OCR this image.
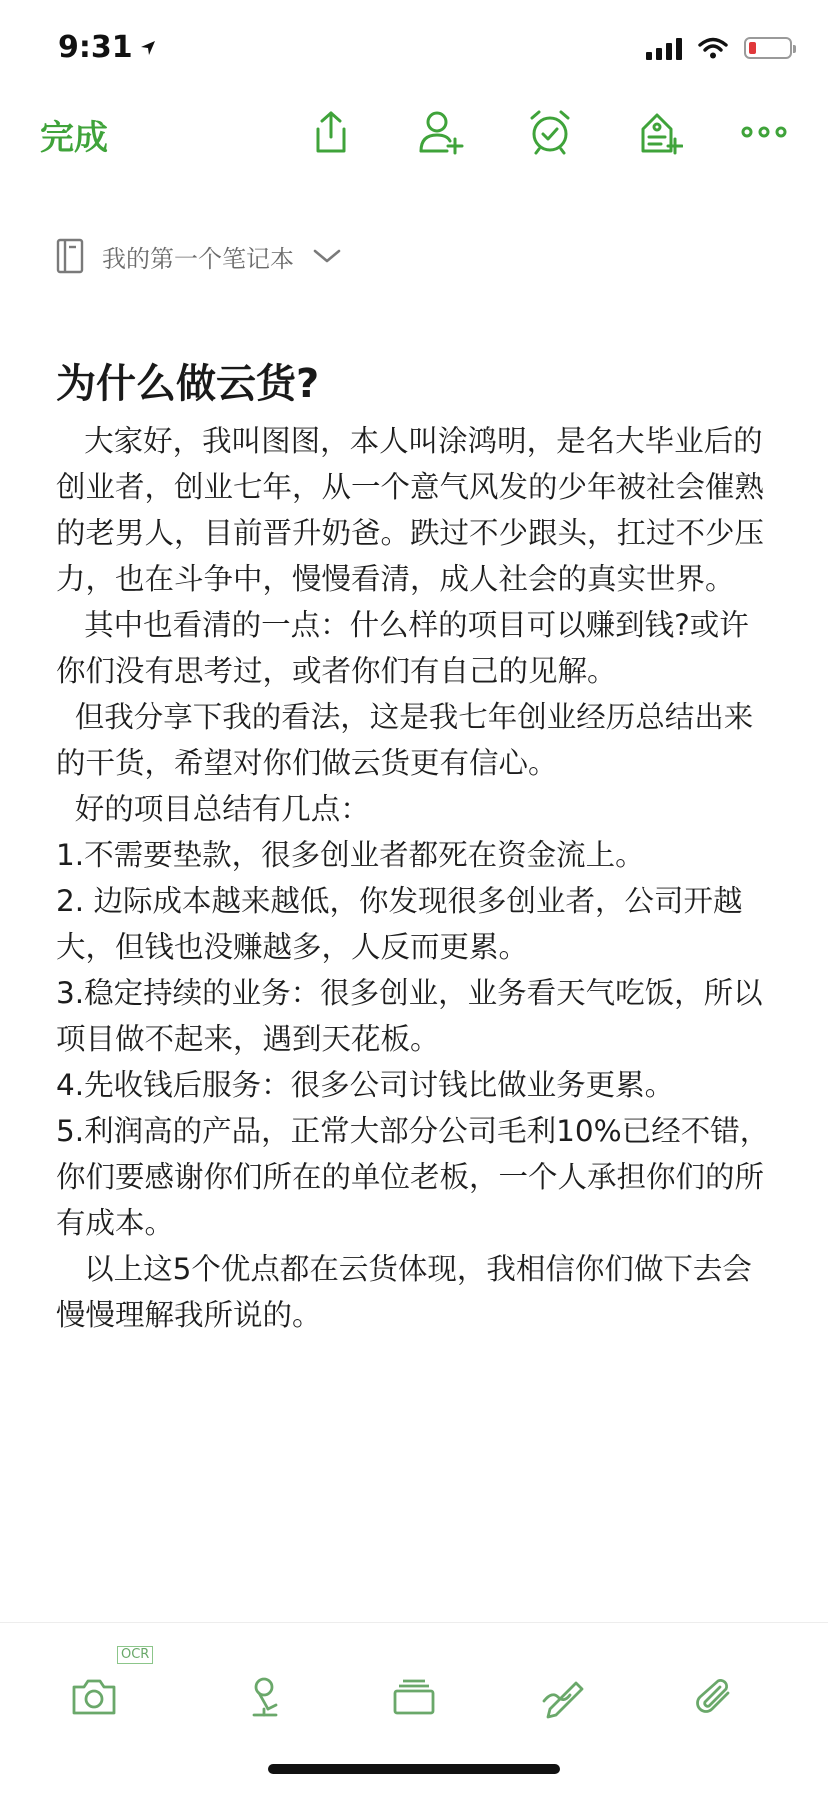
9:31
完成
我的第一个笔记本
为什么做云货?

大家好，我叫图图，本人叫涂鸿明，是名大毕业后的创业者，创业七年，从一个意气风发的少年被社会催熟的老男人，目前晋升奶爸。跌过不少跟头，扛过不少压力，也在斗争中，慢慢看清，成人社会的真实世界。

其中也看清的一点：什么样的项目可以赚到钱?或许你们没有思考过，或者你们有自己的见解。

但我分享下我的看法，这是我七年创业经历总结出来的干货，希望对你们做云货更有信心。

好的项目总结有几点：

1.不需要垫款，很多创业者都死在资金流上。

2. 边际成本越来越低，你发现很多创业者，公司开越大，但钱也没赚越多，人反而更累。

3.稳定持续的业务：很多创业，业务看天气吃饭，所以项目做不起来，遇到天花板。

4.先收钱后服务：很多公司讨钱比做业务更累。

5.利润高的产品，正常大部分公司毛利10%已经不错，你们要感谢你们所在的单位老板，一个人承担你们的所有成本。

以上这5个优点都在云货体现，我相信你们做下去会慢慢理解我所说的。

OCR
